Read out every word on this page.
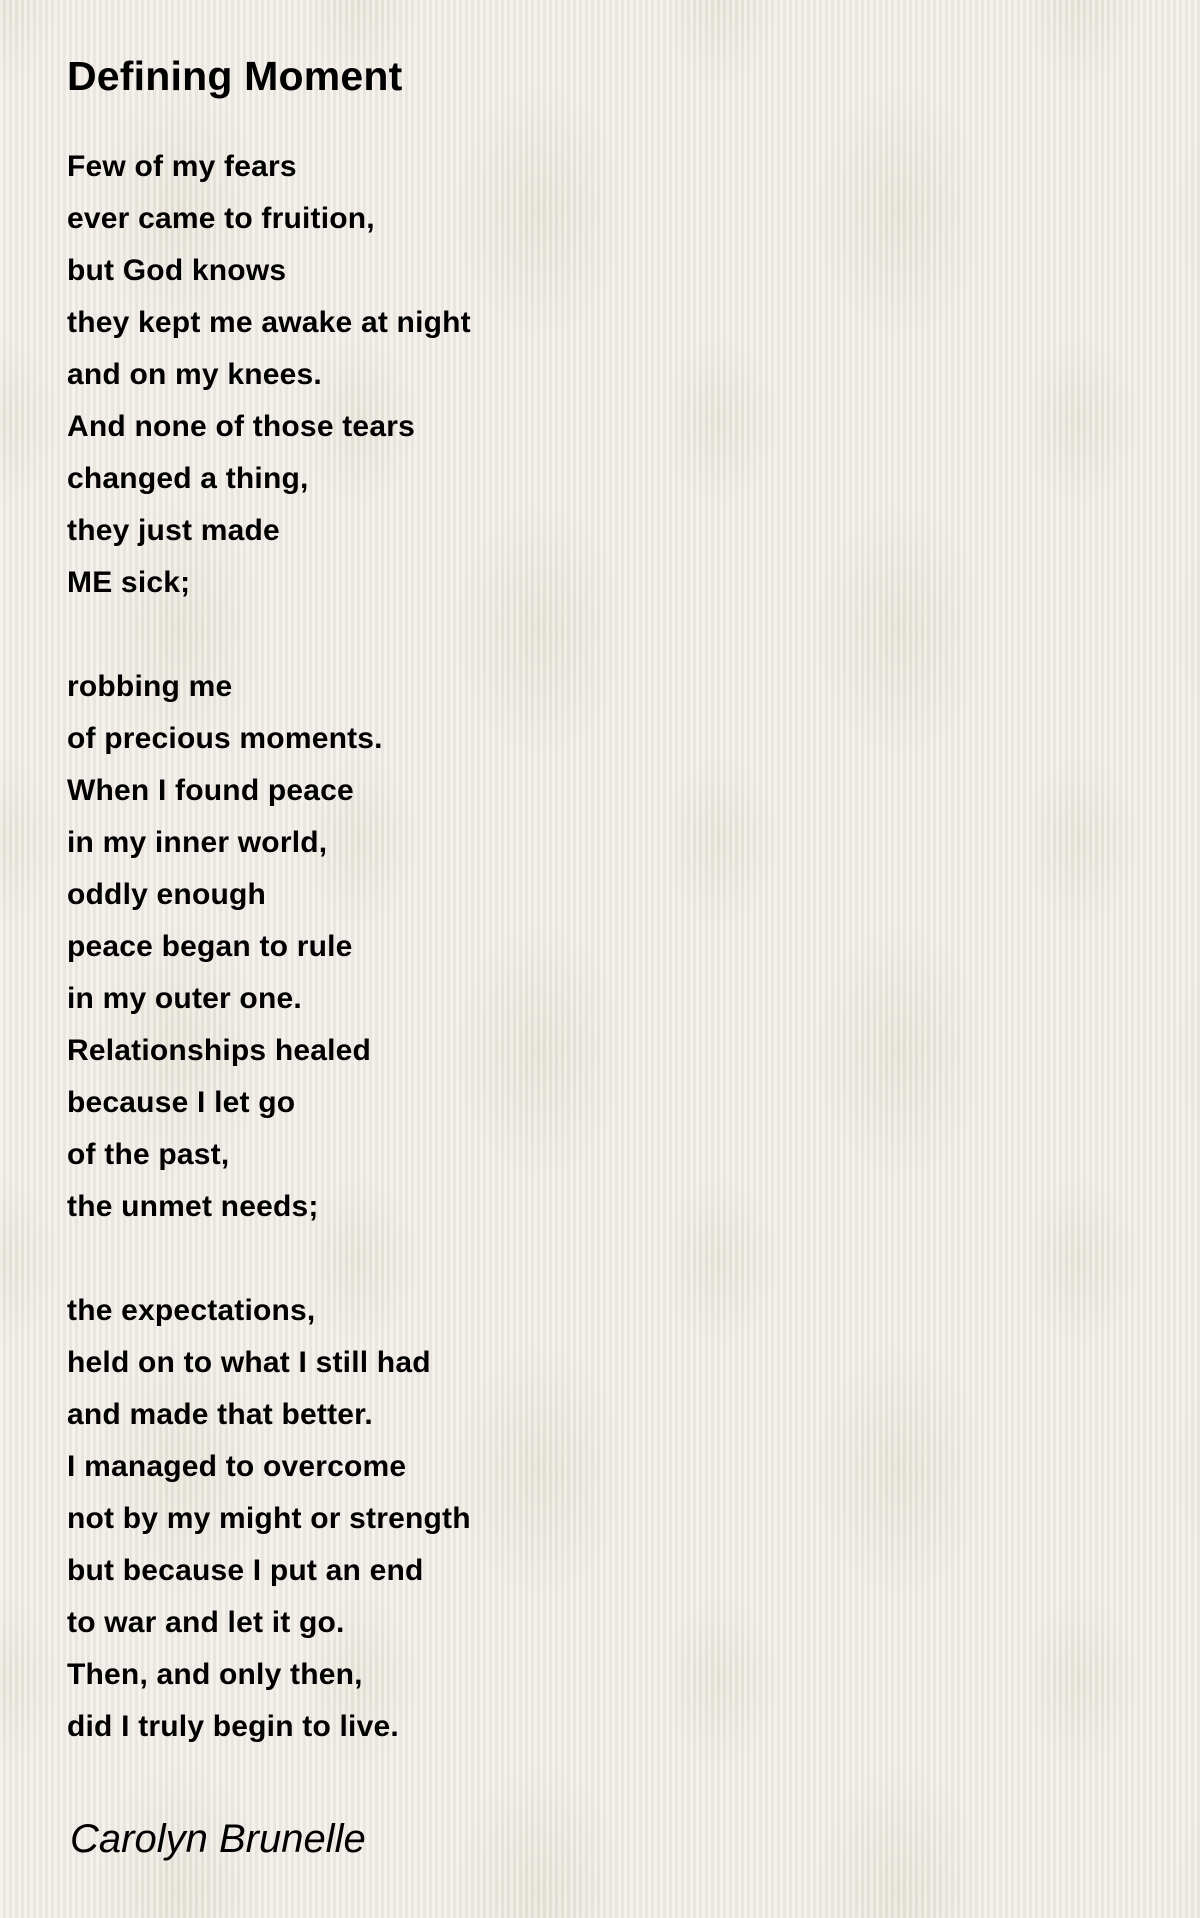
Defining Moment
Few of my fears
ever came to fruition,
but God knows
they kept me awake at night
and on my knees.
And none of those tears
changed a thing,
they just made
ME sick;
robbing me
of precious moments.
When I found peace
in my inner world,
oddly enough
peace began to rule
in my outer one.
Relationships healed
because I let go
of the past,
the unmet needs;
the expectations,
held on to what I still had
and made that better.
I managed to overcome
not by my might or strength
but because I put an end
to war and let it go.
Then, and only then,
did I truly begin to live.
Carolyn Brunelle
